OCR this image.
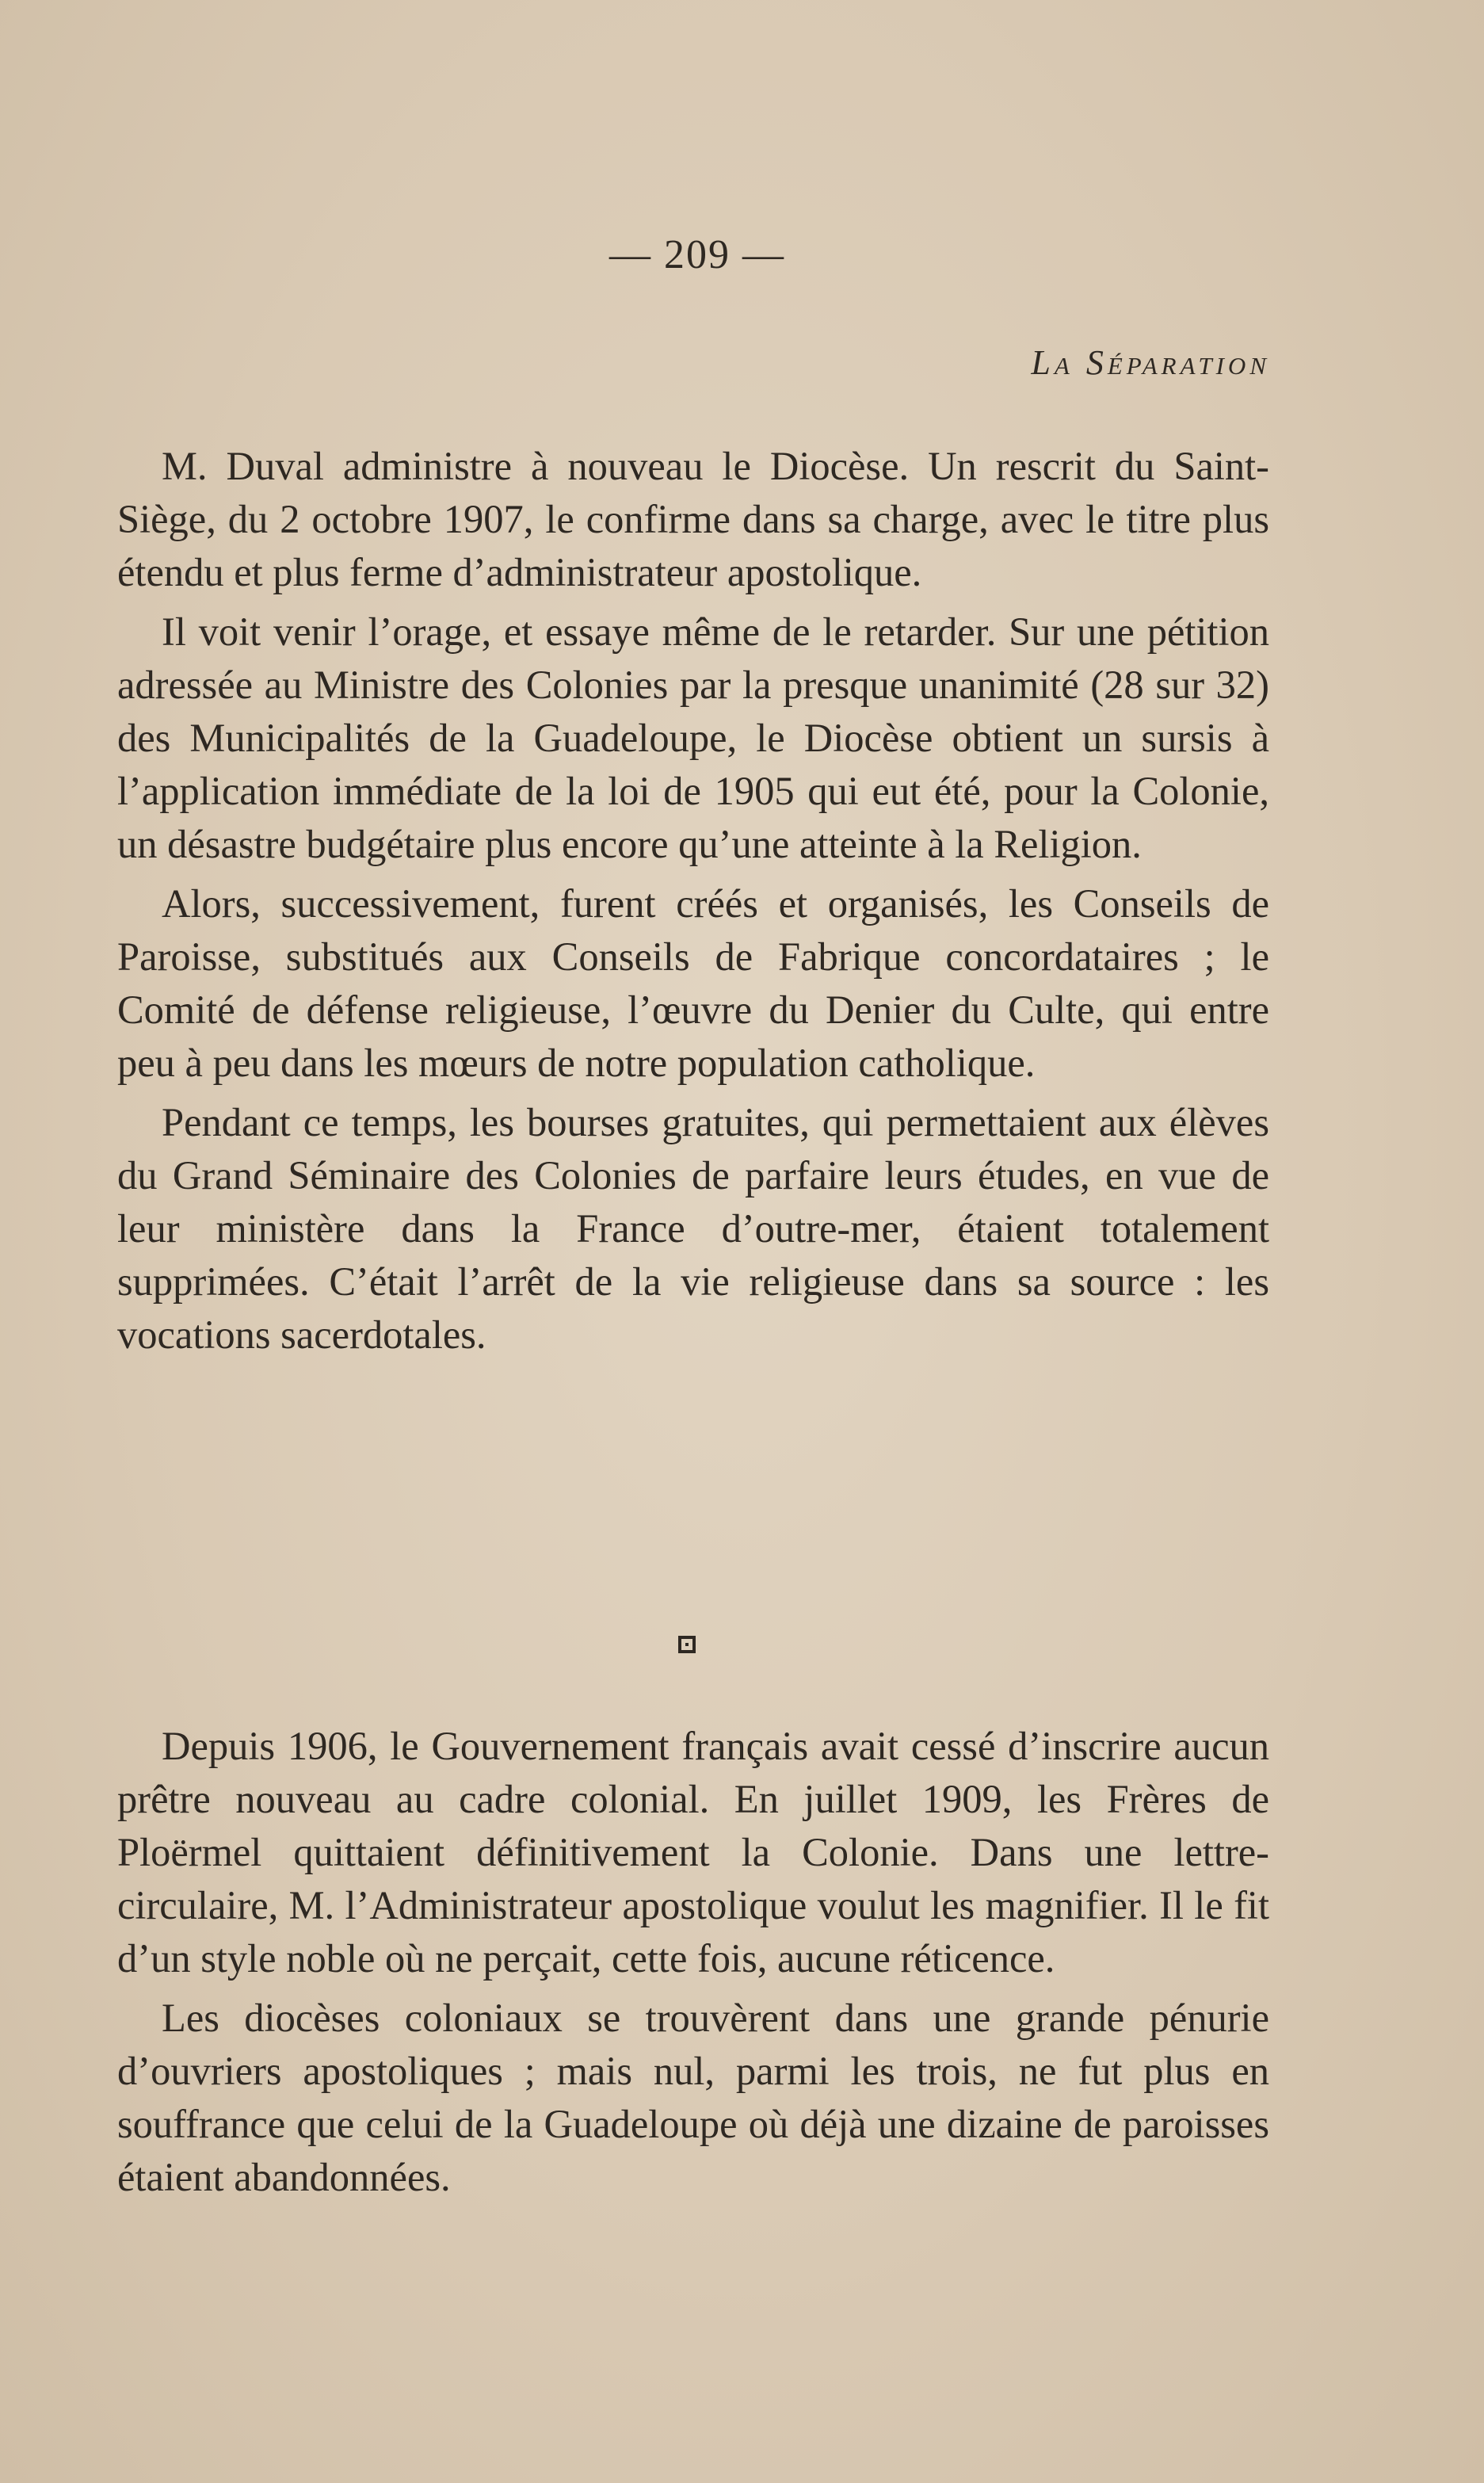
— 209 —
La Séparation

M. Duval administre à nouveau le Diocèse. Un rescrit du Saint-Siège, du 2 octobre 1907, le confirme dans sa charge, avec le titre plus étendu et plus ferme d’administrateur apostolique.

Il voit venir l’orage, et essaye même de le retarder. Sur une pétition adressée au Ministre des Colonies par la presque unanimité (28 sur 32) des Municipalités de la Guadeloupe, le Diocèse obtient un sursis à l’application immédiate de la loi de 1905 qui eut été, pour la Colonie, un désastre budgétaire plus encore qu’une atteinte à la Religion.

Alors, successivement, furent créés et organisés, les Conseils de Paroisse, substitués aux Conseils de Fabrique concordataires ; le Comité de défense religieuse, l’œuvre du Denier du Culte, qui entre peu à peu dans les mœurs de notre population catholique.

Pendant ce temps, les bourses gratuites, qui permettaient aux élèves du Grand Séminaire des Colonies de parfaire leurs études, en vue de leur ministère dans la France d’outre-mer, étaient totalement supprimées. C’était l’arrêt de la vie religieuse dans sa source : les vocations sacerdotales.

Depuis 1906, le Gouvernement français avait cessé d’inscrire aucun prêtre nouveau au cadre colonial. En juillet 1909, les Frères de Ploërmel quittaient définitivement la Colonie. Dans une lettre-circulaire, M. l’Administrateur apostolique voulut les magnifier. Il le fit d’un style noble où ne perçait, cette fois, aucune réticence.

Les diocèses coloniaux se trouvèrent dans une grande pénurie d’ouvriers apostoliques ; mais nul, parmi les trois, ne fut plus en souffrance que celui de la Guadeloupe où déjà une dizaine de paroisses étaient abandonnées.
